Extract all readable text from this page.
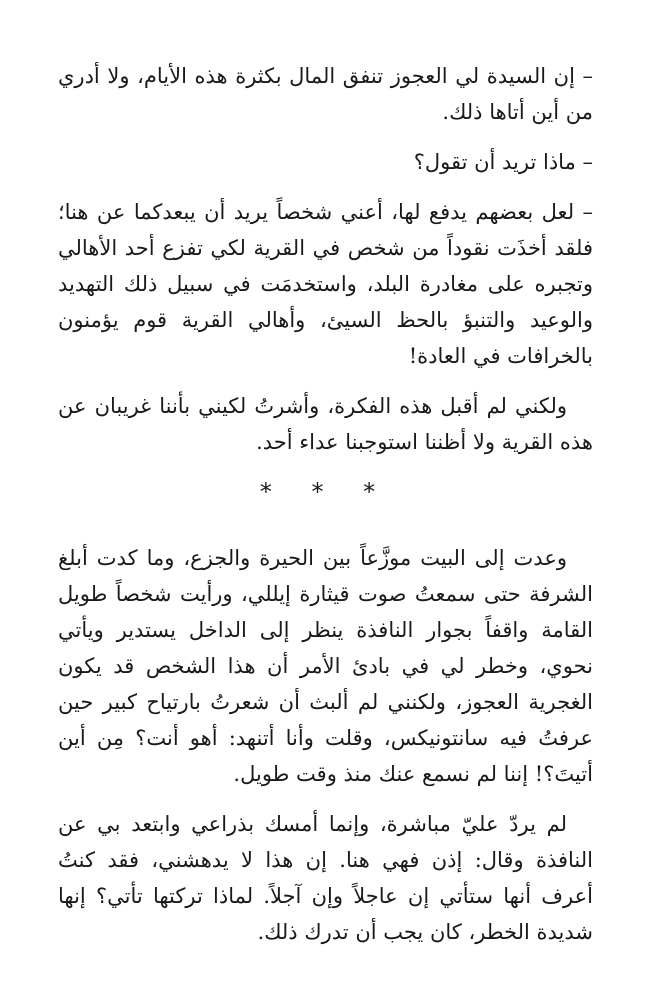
– إن السيدة لي العجوز تنفق المال بكثرة هذه الأيام، ولا أدري من أين أتاها ذلك.

– ماذا تريد أن تقول؟

– لعل بعضهم يدفع لها، أعني شخصاً يريد أن يبعدكما عن هنا؛ فلقد أخذَت نقوداً من شخص في القرية لكي تفزع أحد الأهالي وتجبره على مغادرة البلد، واستخدمَت في سبيل ذلك التهديد والوعيد والتنبؤ بالحظ السيئ، وأهالي القرية قوم يؤمنون بالخرافات في العادة!

ولكني لم أقبل هذه الفكرة، وأشرتُ لكيني بأننا غريبان عن هذه القرية ولا أظننا استوجبنا عداء أحد.

* * *

وعدت إلى البيت موزَّعاً بين الحيرة والجزع، وما كدت أبلغ الشرفة حتى سمعتُ صوت قيثارة إيللي، ورأيت شخصاً طويل القامة واقفاً بجوار النافذة ينظر إلى الداخل يستدير ويأتي نحوي، وخطر لي في بادئ الأمر أن هذا الشخص قد يكون الغجرية العجوز، ولكنني لم ألبث أن شعرتُ بارتياح كبير حين عرفتُ فيه سانتونيكس، وقلت وأنا أتنهد: أهو أنت؟ مِن أين أتيتَ؟! إننا لم نسمع عنك منذ وقت طويل.

لم يردّ عليّ مباشرة، وإنما أمسك بذراعي وابتعد بي عن النافذة وقال: إذن فهي هنا. إن هذا لا يدهشني، فقد كنتُ أعرف أنها ستأتي إن عاجلاً وإن آجلاً. لماذا تركتها تأتي؟ إنها شديدة الخطر، كان يجب أن تدرك ذلك.
